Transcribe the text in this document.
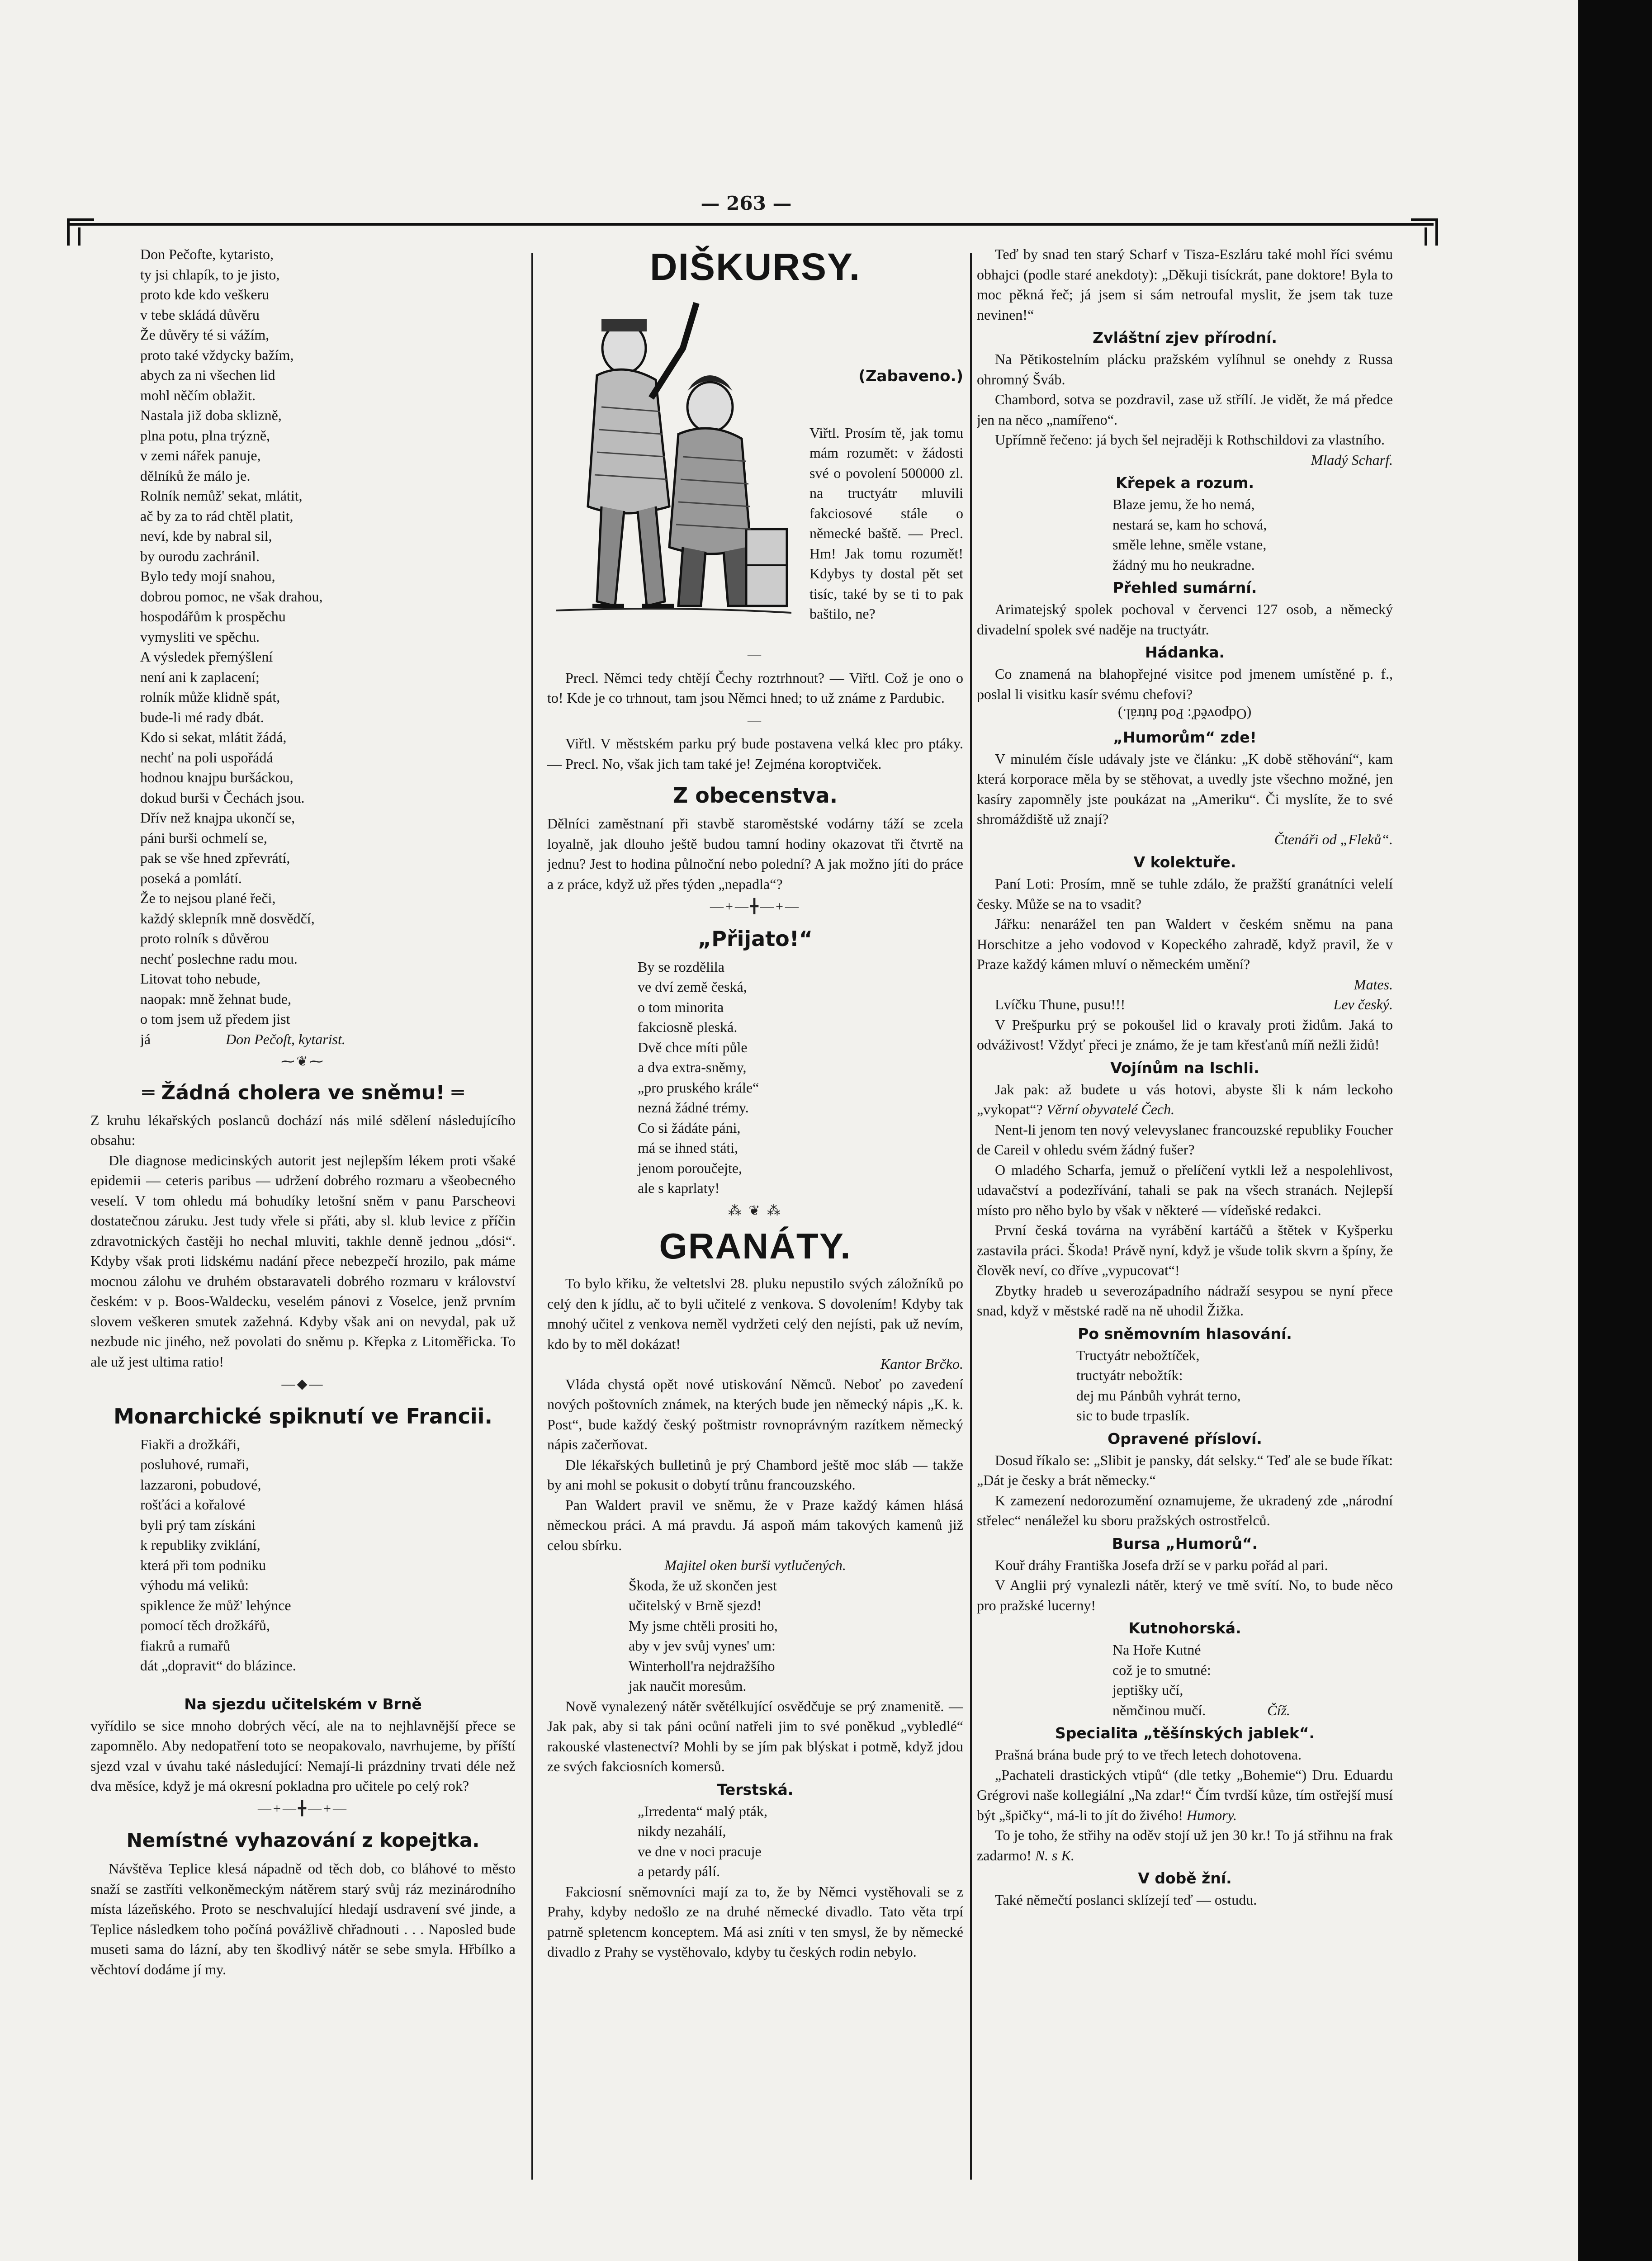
— 263 —
Don Pečofte, kytaristo,
ty jsi chlapík, to je jisto,
proto kde kdo veškeru
v tebe skládá důvěru
Že důvěry té si vážím,
proto také vždycky bažím,
abych za ni všechen lid
mohl něčím oblažit.
Nastala již doba sklizně,
plna potu, plna trýzně,
v zemi nářek panuje,
dělníků že málo je.
Rolník nemůž' sekat, mlátit,
ač by za to rád chtěl platit,
neví, kde by nabral sil,
by ourodu zachránil.
Bylo tedy mojí snahou,
dobrou pomoc, ne však drahou,
hospodářům k prospěchu
vymysliti ve spěchu.
A výsledek přemýšlení
není ani k zaplacení;
rolník může klidně spát,
bude-li mé rady dbát.
Kdo si sekat, mlátit žádá,
nechť na poli uspořádá
hodnou knajpu buršáckou,
dokud burši v Čechách jsou.
Dřív než knajpa ukončí se,
páni burši ochmelí se,
pak se vše hned zpřevrátí,
poseká a pomlátí.
Že to nejsou plané řeči,
každý sklepník mně dosvědčí,
proto rolník s důvěrou
nechť poslechne radu mou.
Litovat toho nebude,
naopak: mně žehnat bude,
o tom jsem už předem jist
já	Don Pečoft, kytarist.
⁓❦⁓
═ Žádná cholera ve sněmu! ═

Z kruhu lékařských poslanců dochází nás milé sdělení následujícího obsahu:

Dle diagnose medicinských autorit jest nejlepším lékem proti všaké epidemii — ceteris paribus — udržení dobrého rozmaru a všeobecného veselí. V tom ohledu má bohudíky letošní sněm v panu Parscheovi dostatečnou záruku. Jest tudy vřele si přáti, aby sl. klub levice z příčin zdravotnických častěji ho nechal mluviti, takhle denně jednou „dósi“. Kdyby však proti lidskému nadání přece nebezpečí hrozilo, pak máme mocnou zálohu ve druhém obstaravateli dobrého rozmaru v království českém: v p. Boos-Waldecku, veselém pánovi z Voselce, jenž prvním slovem veškeren smutek zažehná. Kdyby však ani on nevydal, pak už nezbude nic jiného, než povolati do sněmu p. Křepka z Litoměřicka. To ale už jest ultima ratio!

—◆—
Monarchické spiknutí ve Francii.
Fiakři a drožkáři,
posluhové, rumaři,
lazzaroni, pobudové,
rošťáci a kořalové
byli prý tam získáni
k republiky zviklání,
která při tom podniku
výhodu má veliků:
spiklence že můž' lehýnce
pomocí těch drožkářů,
fiakrů a rumařů
dát „dopravit“ do blázince.
Na sjezdu učitelském v Brně

vyřídilo se sice mnoho dobrých věcí, ale na to nejhlavnější přece se zapomnělo. Aby nedopatření toto se neopakovalo, navrhujeme, by příští sjezd vzal v úvahu také následující: Nemají-li prázdniny trvati déle než dva měsíce, když je má okresní pokladna pro učitele po celý rok?

—+—╋—+—
Nemístné vyhazování z kopejtka.

Návštěva Teplice klesá nápadně od těch dob, co bláhové to město snaží se zastříti velkoněmeckým nátěrem starý svůj ráz mezinárodního místa lázeňského. Proto se neschvalující hledají usdravení své jinde, a Teplice následkem toho počíná povážlivě chřadnouti . . . Naposled bude museti sama do lázní, aby ten škodlivý nátěr se sebe smyla. Hřbílko a věchtoví dodáme jí my.

DIŠKURSY.
(Zabaveno.)

Viřtl. Prosím tě, jak tomu mám rozumět: v žádosti své o povolení 500000 zl. na tructyátr mluvili fakciosové stále o německé baště. — Precl. Hm! Jak tomu rozumět! Kdybys ty dostal pět set tisíc, také by se ti to pak baštilo, ne?

—

Precl. Němci tedy chtějí Čechy roztrhnout? — Viřtl. Což je ono o to! Kde je co trhnout, tam jsou Němci hned; to už známe z Pardubic.

—

Viřtl. V městském parku prý bude postavena velká klec pro ptáky. — Precl. No, však jich tam také je! Zejména koroptviček.

Z obecenstva.

Dělníci zaměstnaní při stavbě staroměstské vodárny táží se zcela loyalně, jak dlouho ještě budou tamní hodiny okazovat tři čtvrtě na jednu? Jest to hodina půlnoční nebo polední? A jak možno jíti do práce a z práce, když už přes týden „nepadla“?

—+—╋—+—
„Přijato!“
By se rozdělila
ve dví země česká,
o tom minorita
fakciosně pleská.
Dvě chce míti půle
a dva extra-sněmy,
„pro pruského krále“
nezná žádné trémy.
Co si žádáte páni,
má se ihned státi,
jenom poroučejte,
ale s kaprlaty!
⁂ ❦ ⁂
GRANÁTY.

To bylo křiku, že veltetslvi 28. pluku nepustilo svých záložníků po celý den k jídlu, ač to byli učitelé z venkova. S dovolením! Kdyby tak mnohý učitel z venkova neměl vydržeti celý den nejísti, pak už nevím, kdo by to měl dokázat!

Kantor Brčko.

Vláda chystá opět nové utiskování Němců. Neboť po zavedení nových poštovních známek, na kterých bude jen německý nápis „K. k. Post“, bude každý český poštmistr rovnoprávným razítkem německý nápis začerňovat.

Dle lékařských bulletinů je prý Chambord ještě moc sláb — takže by ani mohl se pokusit o dobytí trůnu francouzského.

Pan Waldert pravil ve sněmu, že v Praze každý kámen hlásá německou práci. A má pravdu. Já aspoň mám takových kamenů již celou sbírku.

Majitel oken burši vytlučených.
Škoda, že už skončen jest
učitelský v Brně sjezd!
My jsme chtěli prositi ho,
aby v jev svůj vynes' um:
Winterholl'ra nejdražšího
jak naučit moresům.

Nově vynalezený nátěr světélkující osvědčuje se prý znamenitě. — Jak pak, aby si tak páni ocůní natřeli jim to své poněkud „vybledlé“ rakouské vlastenectví? Mohli by se jím pak blýskat i potmě, když jdou ze svých fakciosních komersů.

Terstská.
„Irredenta“ malý pták,
nikdy nezahálí,
ve dne v noci pracuje
a petardy pálí.

Fakciosní sněmovníci mají za to, že by Němci vystěhovali se z Prahy, kdyby nedošlo ze na druhé německé divadlo. Tato věta trpí patrně spletencm konceptem. Má asi zníti v ten smysl, že by německé divadlo z Prahy se vystěhovalo, kdyby tu českých rodin nebylo.

Teď by snad ten starý Scharf v Tisza-Eszláru také mohl říci svému obhajci (podle staré anekdoty): „Děkuji tisíckrát, pane doktore! Byla to moc pěkná řeč; já jsem si sám netroufal myslit, že jsem tak tuze nevinen!“

Zvláštní zjev přírodní.

Na Pětikostelním plácku pražském vylíhnul se onehdy z Russa ohromný Šváb.

Chambord, sotva se pozdravil, zase už střílí. Je vidět, že má předce jen na něco „namířeno“.

Upřímně řečeno: já bych šel nejraději k Rothschildovi za vlastního.

Mladý Scharf.
Křepek a rozum.
Blaze jemu, že ho nemá,
nestará se, kam ho schová,
směle lehne, směle vstane,
žádný mu ho neukradne.
Přehled sumární.

Arimatejský spolek pochoval v červenci 127 osob, a německý divadelní spolek své naděje na tructyátr.

Hádanka.

Co znamená na blahopřejné visitce pod jmenem umístěné p. f., poslal li visitku kasír svému chefovi?

(Odpověď: Pod futrál.)
„Humorům“ zde!

V minulém čísle udávaly jste ve článku: „K době stěhování“, kam která korporace měla by se stěhovat, a uvedly jste všechno možné, jen kasíry zapomněly jste poukázat na „Ameriku“. Či myslíte, že to své shromáždiště už znají?

Čtenáři od „Fleků“.
V kolektuře.

Paní Loti: Prosím, mně se tuhle zdálo, že pražští granátníci velelí česky. Může se na to vsadit?

Jářku: nenarážel ten pan Waldert v českém sněmu na pana Horschitze a jeho vodovod v Kopeckého zahradě, když pravil, že v Praze každý kámen mluví o německém umění?

Mates.

Lvíčku Thune, pusu!!!	Lev český.

V Prešpurku prý se pokoušel lid o kravaly proti židům. Jaká to odváživost! Vždyť přeci je známo, že je tam křesťanů míň nežli židů!

Vojínům na Ischli.

Jak pak: až budete u vás hotovi, abyste šli k nám leckoho „vykopat“? Věrní obyvatelé Čech.

Nent-li jenom ten nový velevyslanec francouzské republiky Foucher de Careil v ohledu svém žádný fušer?

O mladého Scharfa, jemuž o přelíčení vytkli lež a nespolehlivost, udavačství a podezřívání, tahali se pak na všech stranách. Nejlepší místo pro něho bylo by však v některé — vídeňské redakci.

První česká továrna na vyrábění kartáčů a štětek v Kyšperku zastavila práci. Škoda! Právě nyní, když je všude tolik skvrn a špíny, že člověk neví, co dříve „vypucovat“!

Zbytky hradeb u severozápadního nádraží sesypou se nyní přece snad, když v městské radě na ně uhodil Žižka.

Po sněmovním hlasování.
Tructyátr nebožtíček,
tructyátr nebožtík:
dej mu Pánbůh vyhrát terno,
sic to bude trpaslík.
Opravené přísloví.

Dosud říkalo se: „Slibit je pansky, dát selsky.“ Teď ale se bude říkat: „Dát je česky a brát německy.“

K zamezení nedorozumění oznamujeme, že ukradený zde „národní střelec“ nenáležel ku sboru pražských ostrostřelců.

Bursa „Humorů“.

Kouř dráhy Františka Josefa drží se v parku pořád al pari.

V Anglii prý vynalezli nátěr, který ve tmě svítí. No, to bude něco pro pražské lucerny!

Kutnohorská.
Na Hoře Kutné
což je to smutné:
jeptišky učí,
němčinou mučí.	Číž.
Specialita „těšínských jablek“.

Prašná brána bude prý to ve třech letech dohotovena.

„Pachateli drastických vtipů“ (dle tetky „Bohemie“) Dru. Eduardu Grégrovi naše kollegiální „Na zdar!“ Čím tvrdší kůze, tím ostřejší musí být „špičky“, má-li to jít do živého! Humory.

To je toho, že střihy na oděv stojí už jen 30 kr.! To já střihnu na frak zadarmo! N. s K.

V době žní.

Také němečtí poslanci sklízejí teď — ostudu.
